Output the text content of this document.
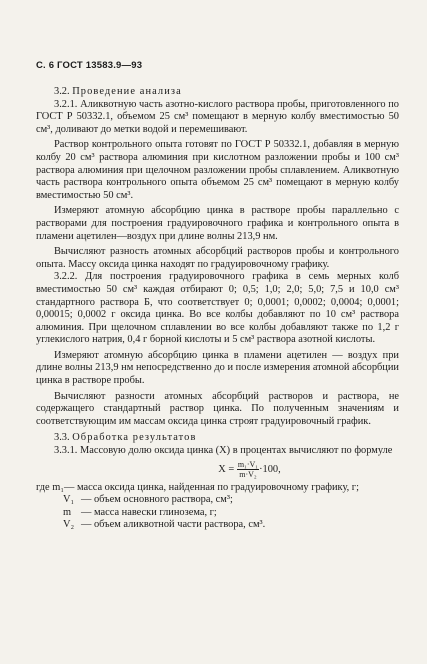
С. 6 ГОСТ 13583.9—93

3.2. Проведение анализа

3.2.1. Аликвотную часть азотно-кислого раствора пробы, приготовленного по ГОСТ Р 50332.1, объемом 25 см³ помещают в мерную колбу вместимостью 50 см³, доливают до метки водой и перемешивают.

Раствор контрольного опыта готовят по ГОСТ Р 50332.1, добавляя в мерную колбу 20 см³ раствора алюминия при кислотном разложении пробы и 100 см³ раствора алюминия при щелочном разложении пробы сплавлением. Аликвотную часть раствора контрольного опыта объемом 25 см³ помещают в мерную колбу вместимостью 50 см³.

Измеряют атомную абсорбцию цинка в растворе пробы параллельно с растворами для построения градуировочного графика и контрольного опыта в пламени ацетилен—воздух при длине волны 213,9 нм.

Вычисляют разность атомных абсорбций растворов пробы и контрольного опыта. Массу оксида цинка находят по градуировочному графику.

3.2.2. Для построения градуировочного графика в семь мерных колб вместимостью 50 см³ каждая отбирают 0; 0,5; 1,0; 2,0; 5,0; 7,5 и 10,0 см³ стандартного раствора Б, что соответствует 0; 0,0001; 0,0002; 0,0004; 0,0001; 0,00015; 0,0002 г оксида цинка. Во все колбы добавляют по 10 см³ раствора алюминия. При щелочном сплавлении во все колбы добавляют также по 1,2 г углекислого натрия, 0,4 г борной кислоты и 5 см³ раствора азотной кислоты.

Измеряют атомную абсорбцию цинка в пламени ацетилен — воздух при длине волны 213,9 нм непосредственно до и после измерения атомной абсорбции цинка в растворе пробы.

Вычисляют разности атомных абсорбций растворов и раствора, не содержащего стандартный раствор цинка. По полученным значениям и соответствующим им массам оксида цинка строят градуировочный график.

3.3. Обработка результатов

3.3.1. Массовую долю оксида цинка (X) в процентах вычисляют по формуле

$X = \frac{\text{m₁·V₁}}{\text{m·V₂}} \cdot 100$,
где m₁ — масса оксида цинка, найденная по градуировочному графику, г;
V₁ — объем основного раствора, см³;
m — масса навески глинозема, г;
V₂ — объем аликвотной части раствора, см³.
